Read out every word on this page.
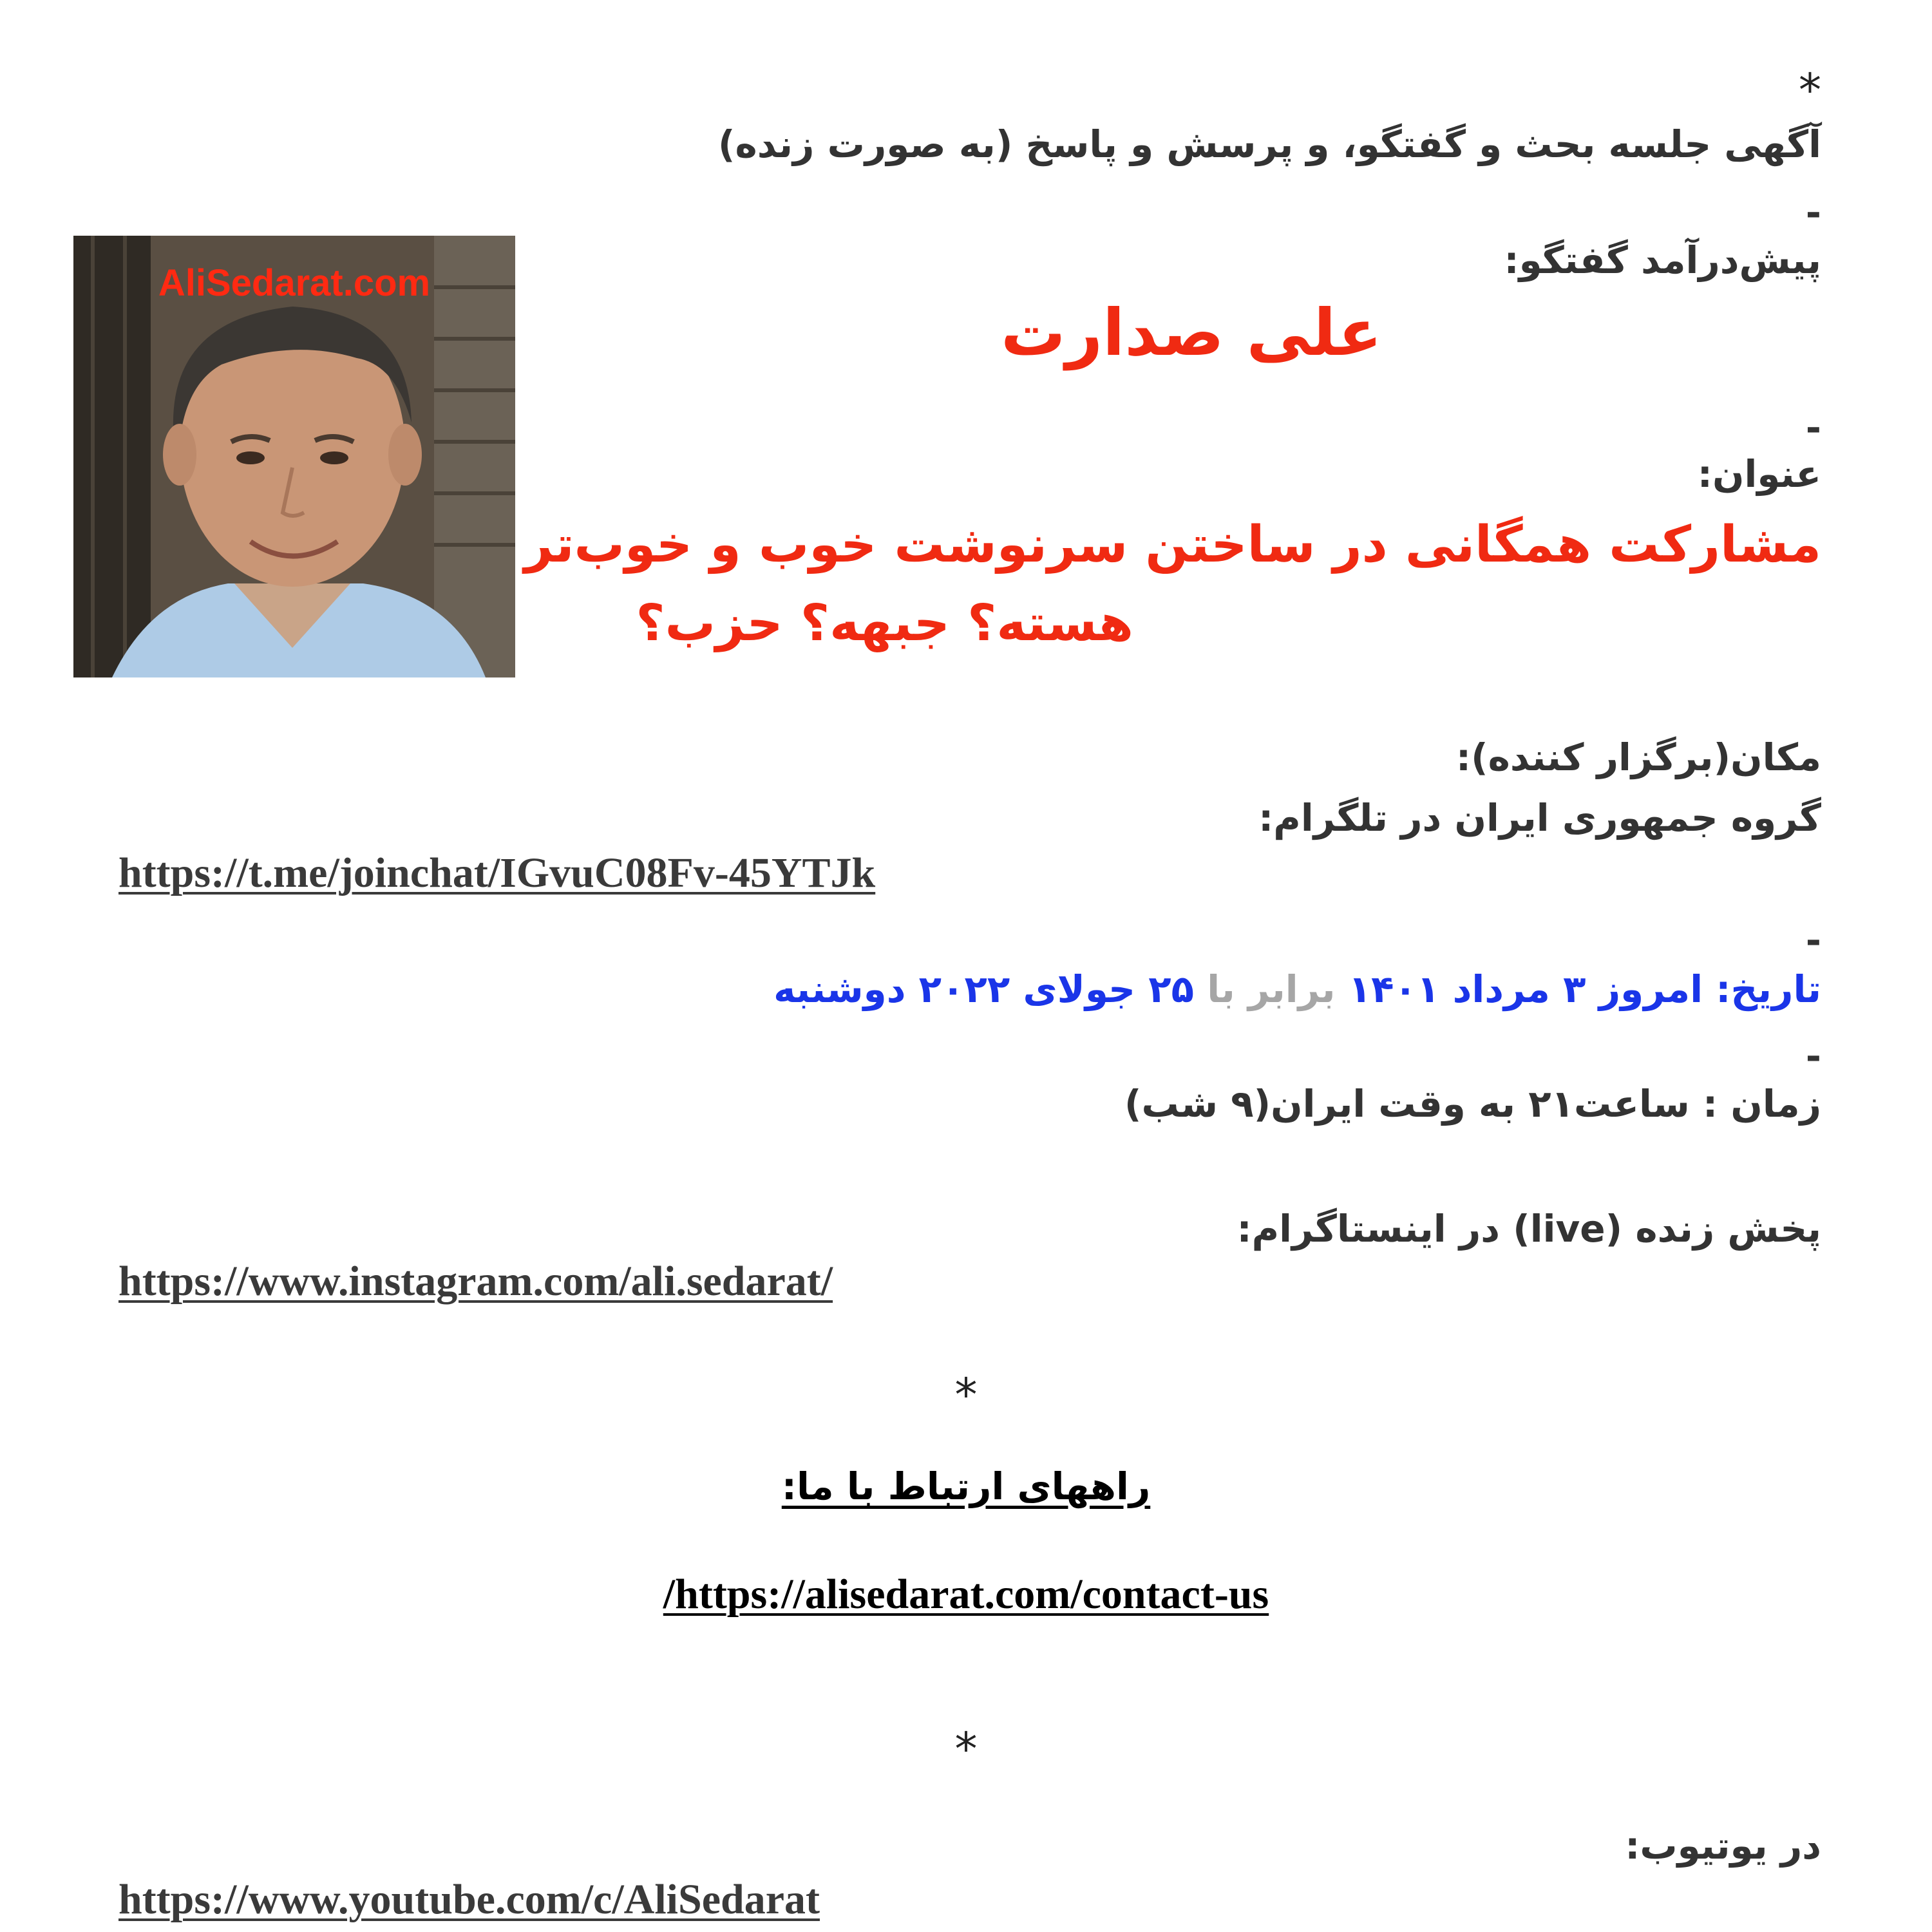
*
آگهی جلسه بحث و گفتگو، و پرسش و پاسخ (به صورت زنده)
-
پیش‌درآمد گفتگو:
علی صدارت
AliSedarat.com
-
عنوان:
مشارکت همگانی در ساختن سرنوشت خوب و خوب‌تر
هسته؟ جبهه؟ حزب؟
مکان(برگزار کننده):
گروه جمهوری ایران در تلگرام:
https://t.me/joinchat/IGvuC08Fv-45YTJk
-
تاریخ: امروز ۳ مرداد ۱۴۰۱ برابر با ۲۵ جولای ۲۰۲۲ دوشنبه
-
زمان : ساعت۲۱ به وقت ایران(۹ شب)
پخش زنده (live) در اینستاگرام:
https://www.instagram.com/ali.sedarat/
*
راههای ارتباط با ما:
/https://alisedarat.com/contact-us
*
در یوتیوب:
https://www.youtube.com/c/AliSedarat
